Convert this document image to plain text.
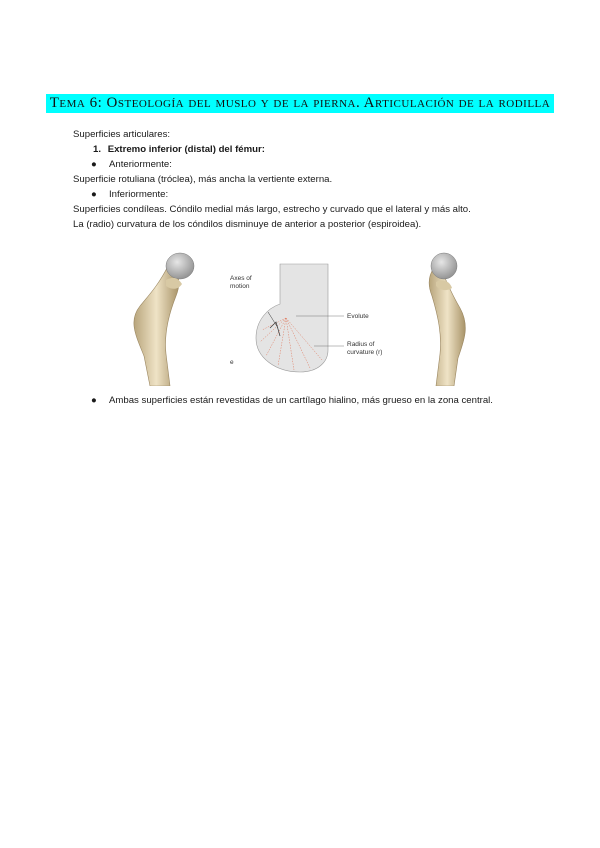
Tema 6: Osteología del muslo y de la pierna. Articulación de la rodilla
Superficies articulares:
1. Extremo inferior (distal) del fémur:
● Anteriormente:
Superficie rotuliana (tróclea), más ancha la vertiente externa.
● Inferiormente:
Superficies condíleas. Cóndilo medial más largo, estrecho y curvado que el lateral y más alto.
La (radio) curvatura de los cóndilos disminuye de anterior a posterior (espiroidea).
Axes of
motion
Evolute
Radius of
curvature (r)
e
● Ambas superficies están revestidas de un cartílago hialino, más grueso en la zona central.
